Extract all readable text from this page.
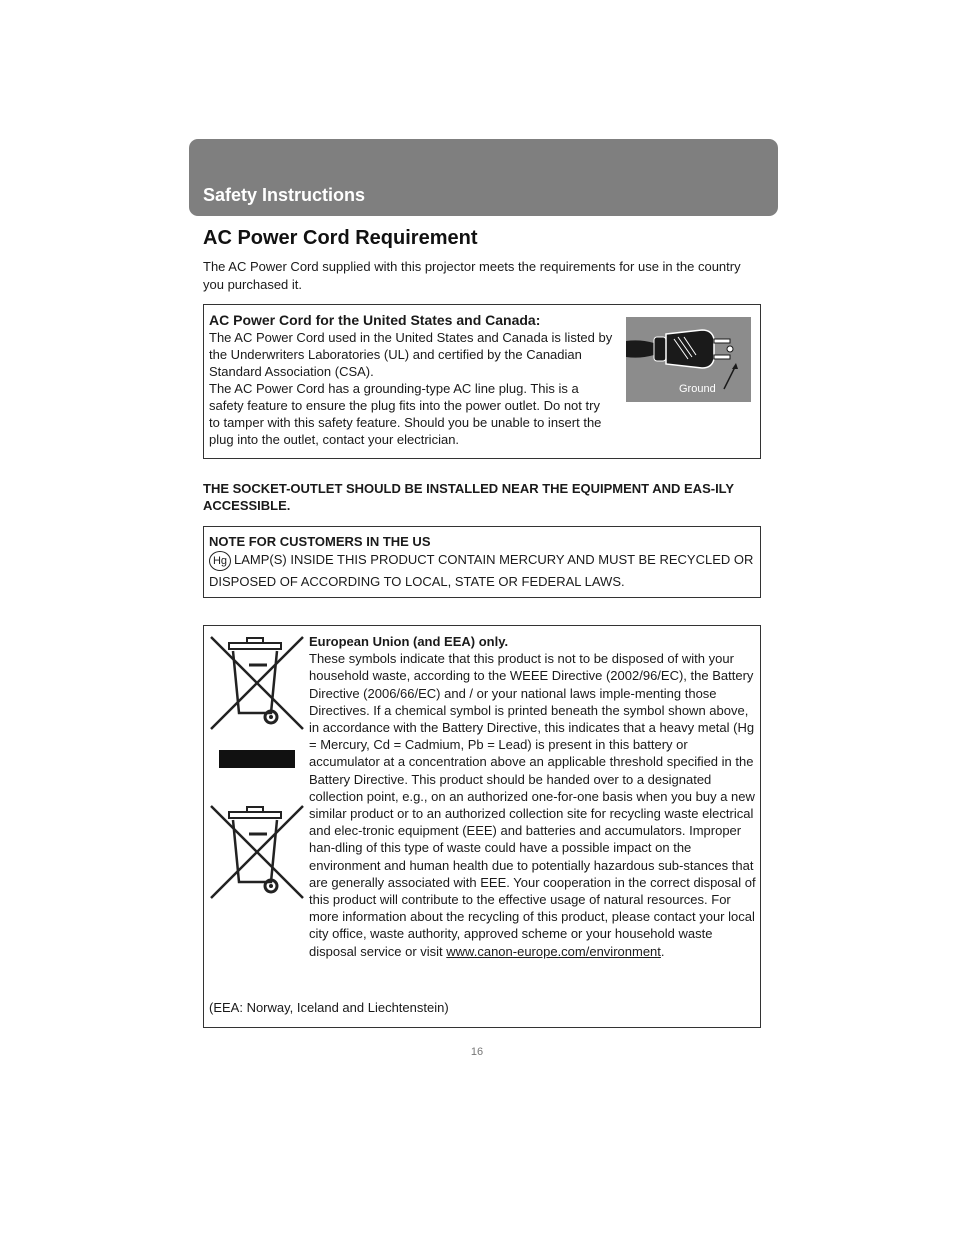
Safety Instructions
AC Power Cord Requirement

The AC Power Cord supplied with this projector meets the requirements for use in the country you purchased it.

AC Power Cord for the United States and Canada:

The AC Power Cord used in the United States and Canada is listed by the Underwriters Laboratories (UL) and certified by the Canadian Standard Association (CSA).

The AC Power Cord has a grounding-type AC line plug. This is a safety feature to ensure the plug fits into the power outlet. Do not try to tamper with this safety feature. Should you be unable to insert the plug into the outlet, contact your electrician.

Ground

THE SOCKET-OUTLET SHOULD BE INSTALLED NEAR THE EQUIPMENT AND EAS-ILY ACCESSIBLE.

NOTE FOR CUSTOMERS IN THE US

Hg LAMP(S) INSIDE THIS PRODUCT CONTAIN MERCURY AND MUST BE RECYCLED OR DISPOSED OF ACCORDING TO LOCAL, STATE OR FEDERAL LAWS.

European Union (and EEA) only.

These symbols indicate that this product is not to be disposed of with your household waste, according to the WEEE Directive (2002/96/EC), the Battery Directive (2006/66/EC) and / or your national laws imple-menting those Directives. If a chemical symbol is printed beneath the symbol shown above, in accordance with the Battery Directive, this indicates that a heavy metal (Hg = Mercury, Cd = Cadmium, Pb = Lead) is present in this battery or accumulator at a concentration above an applicable threshold specified in the Battery Directive. This product should be handed over to a designated collection point, e.g., on an authorized one-for-one basis when you buy a new similar product or to an authorized collection site for recycling waste electrical and elec-tronic equipment (EEE) and batteries and accumulators. Improper han-dling of this type of waste could have a possible impact on the environment and human health due to potentially hazardous sub-stances that are generally associated with EEE. Your cooperation in the correct disposal of this product will contribute to the effective usage of natural resources. For more information about the recycling of this product, please contact your local city office, waste authority, approved scheme or your household waste disposal service or visit www.canon-europe.com/environment.

(EEA: Norway, Iceland and Liechtenstein)

16
